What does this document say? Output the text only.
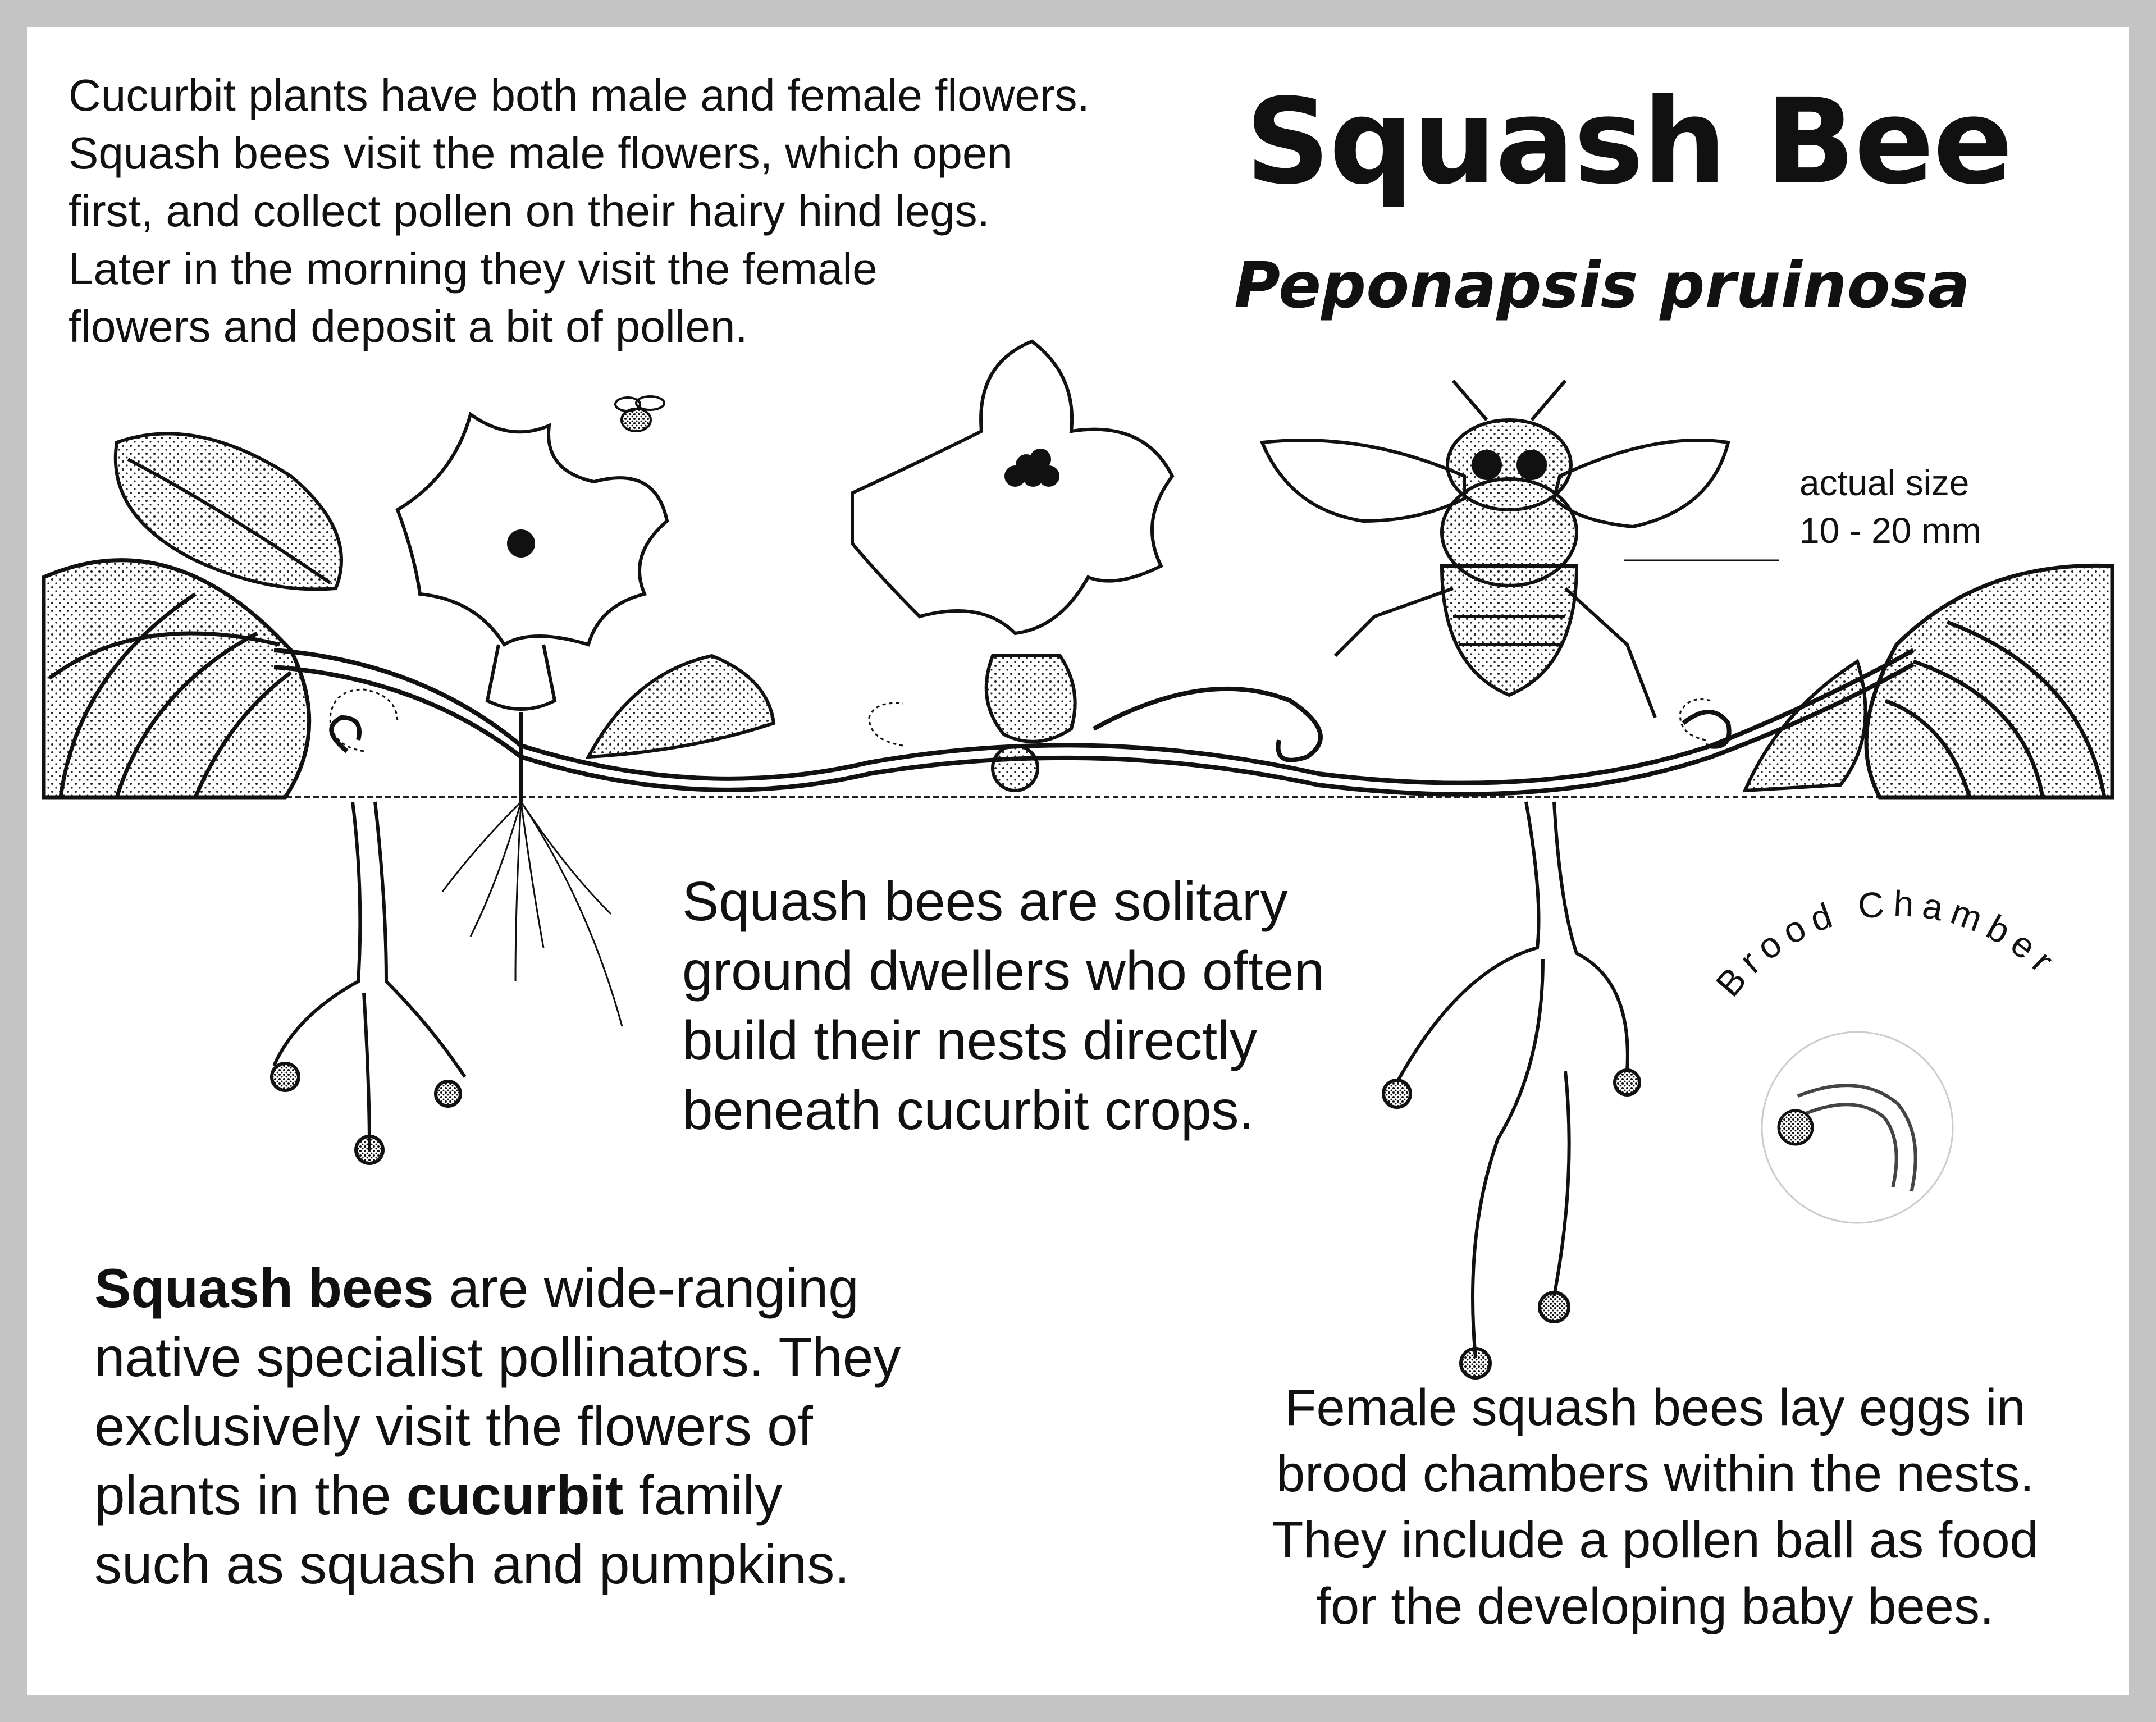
Brood Chamber
Squash Bee
Peponapsis pruinosa
Cucurbit plants have both male and female flowers.
Squash bees visit the male flowers, which open
first, and collect pollen on their hairy hind legs.
Later in the morning they visit the female
flowers and deposit a bit of pollen.
actual size
10 - 20 mm
Squash bees are solitary
ground dwellers who often
build their nests directly
beneath cucurbit crops.
Squash bees are wide-ranging
native specialist pollinators. They
exclusively visit the flowers of
plants in the cucurbit family
such as squash and pumpkins.
Female squash bees lay eggs in
brood chambers within the nests.
They include a pollen ball as food
for the developing baby bees.
